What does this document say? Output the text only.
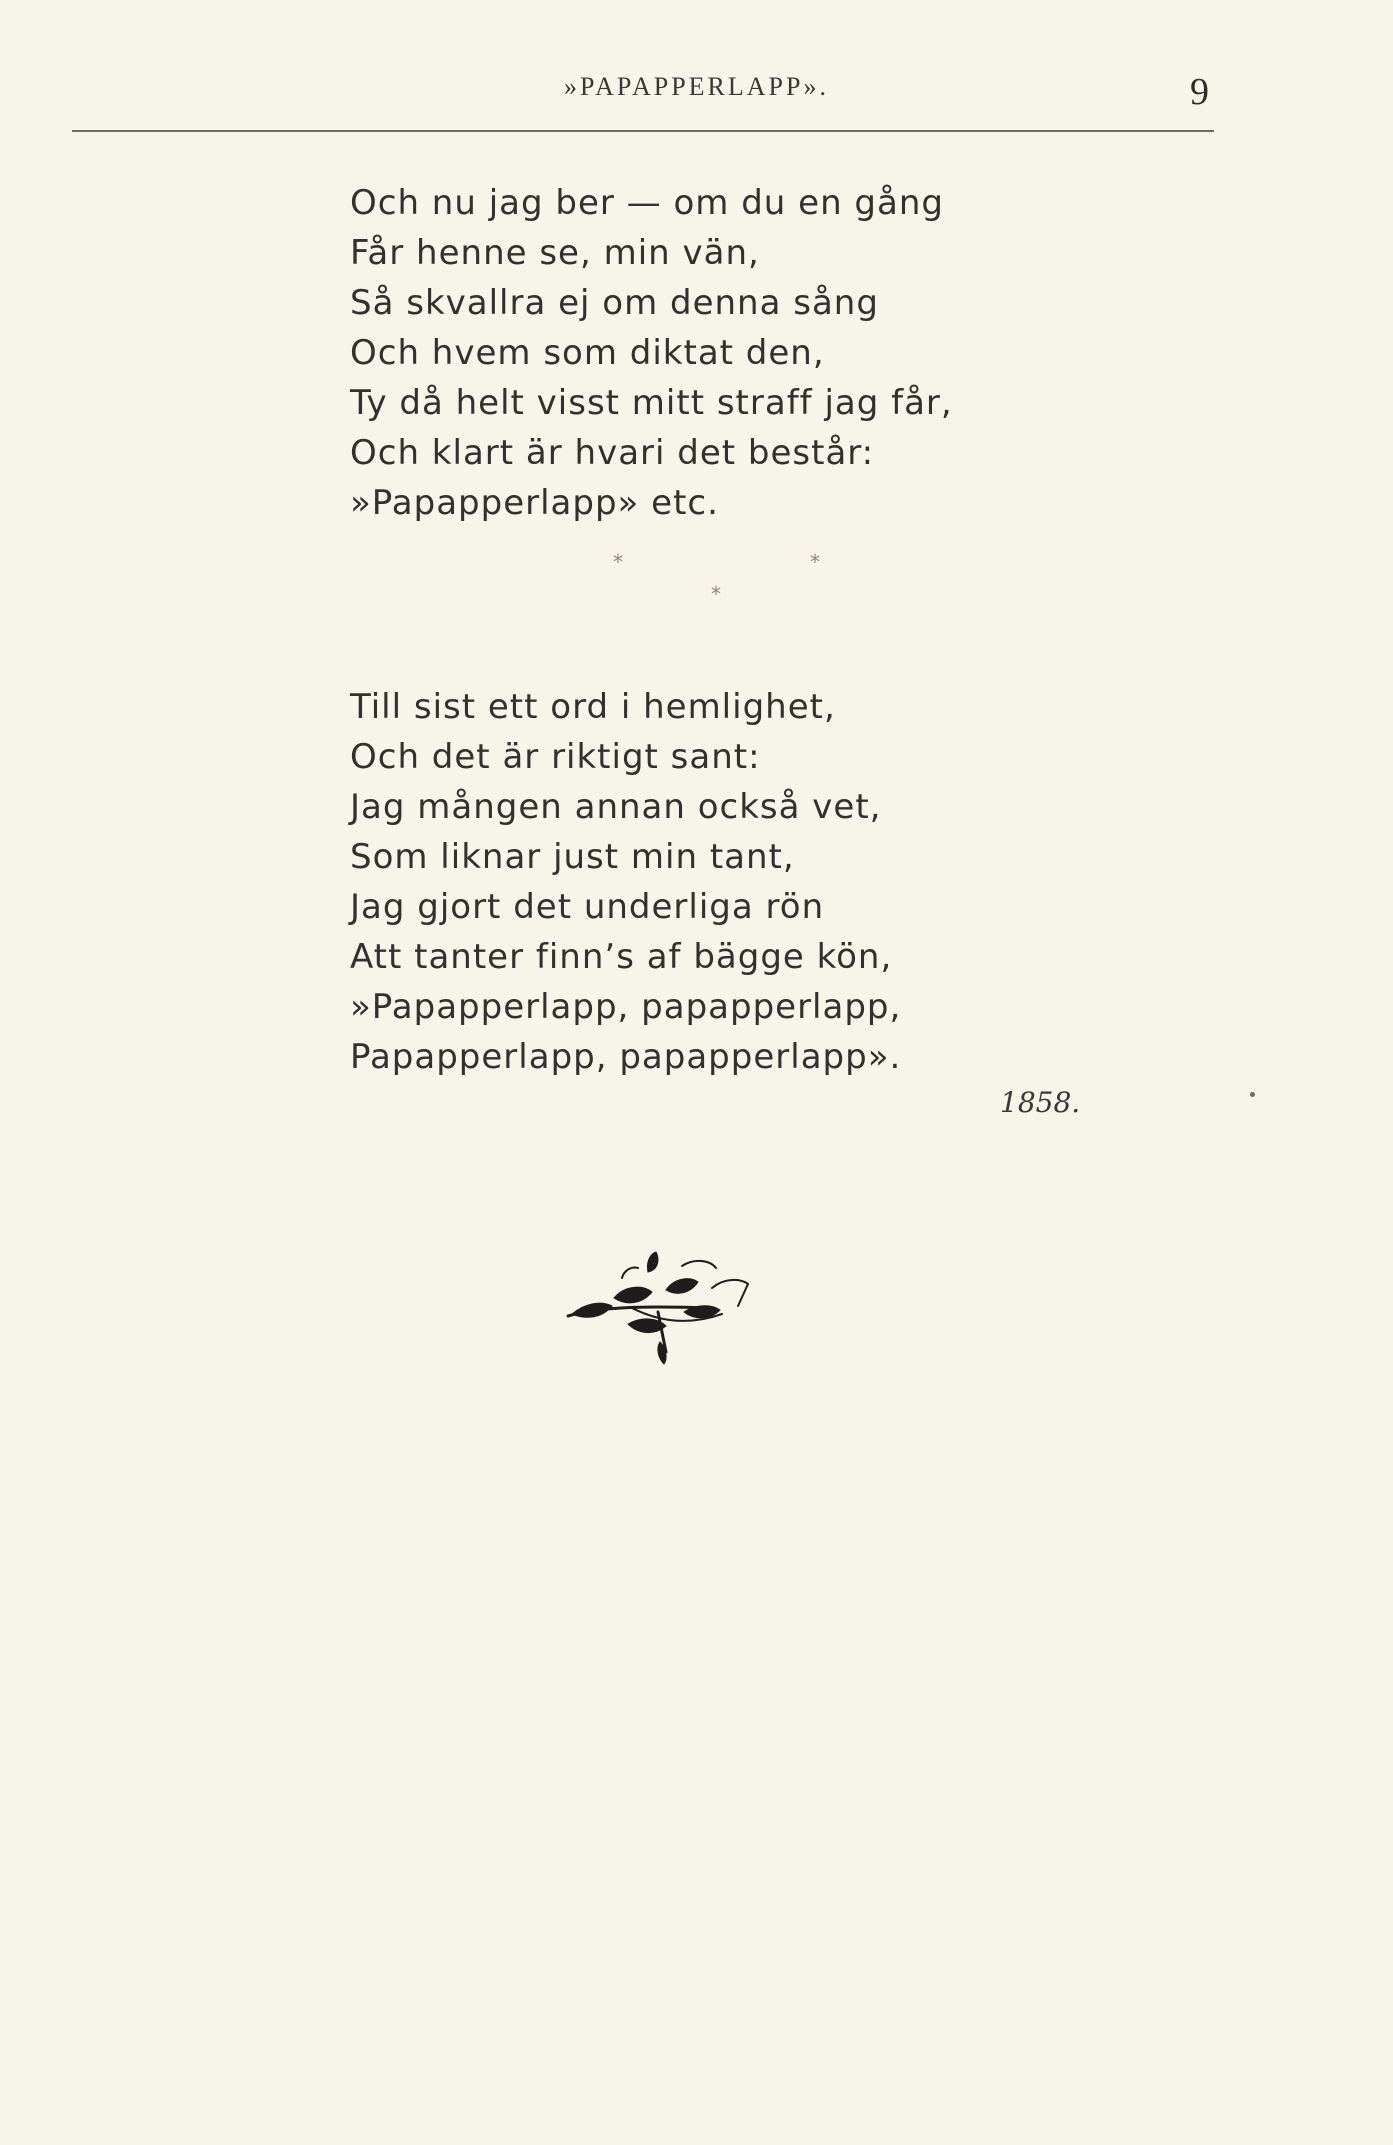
»PAPAPPERLAPP».	9
Och nu jag ber — om du en gång
Får henne se, min vän,
Så skvallra ej om denna sång
Och hvem som diktat den,
Ty då helt visst mitt straff jag får,
Och klart är hvari det består:
»Papapperlapp» etc.
*	*
*
Till sist ett ord i hemlighet,
Och det är riktigt sant:
Jag mången annan också vet,
Som liknar just min tant,
Jag gjort det underliga rön
Att tanter finn’s af bägge kön,
»Papapperlapp, papapperlapp,
Papapperlapp, papapperlapp».
1858.
